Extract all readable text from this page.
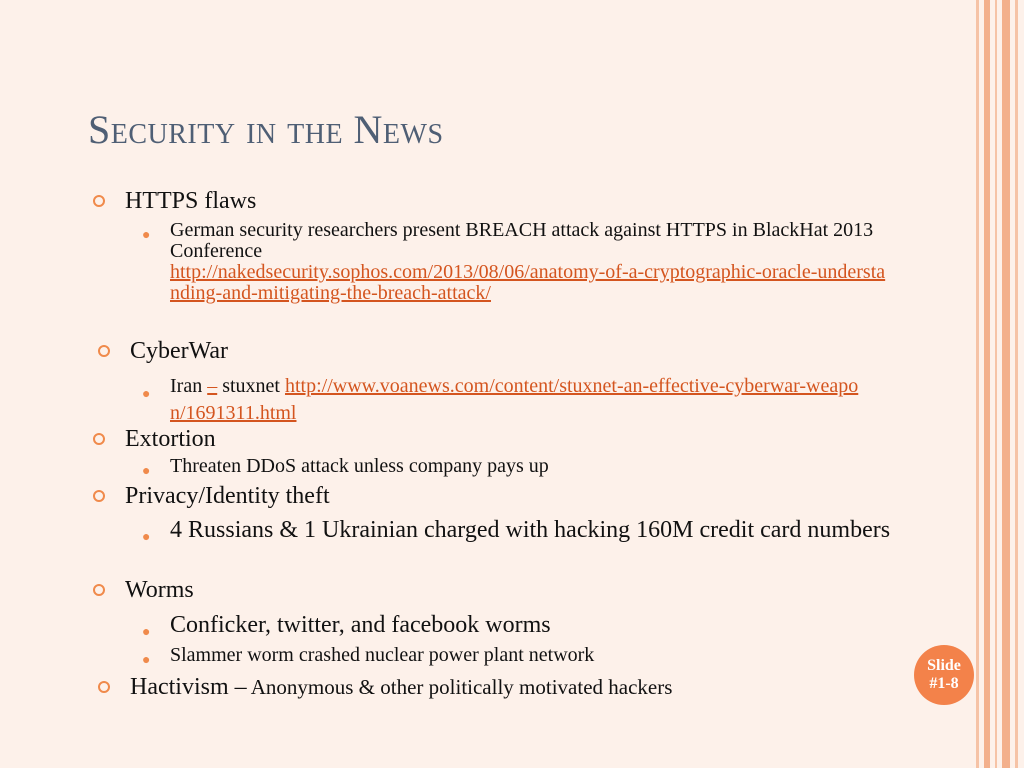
Security in the News
HTTPS flaws
● German security researchers present BREACH attack against HTTPS in BlackHat 2013 Conference
http://nakedsecurity.sophos.com/2013/08/06/anatomy-of-a-cryptographic-oracle-understanding-and-mitigating-the-breach-attack/
CyberWar
● Iran – stuxnet http://www.voanews.com/content/stuxnet-an-effective-cyberwar-weapon/1691311.html
Extortion
● Threaten DDoS attack unless company pays up
Privacy/Identity theft
● 4 Russians & 1 Ukrainian charged with hacking 160M credit card numbers
Worms
● Conficker, twitter, and facebook worms
● Slammer worm crashed nuclear power plant network
Hactivism – Anonymous & other politically motivated hackers
Slide
#1-8
